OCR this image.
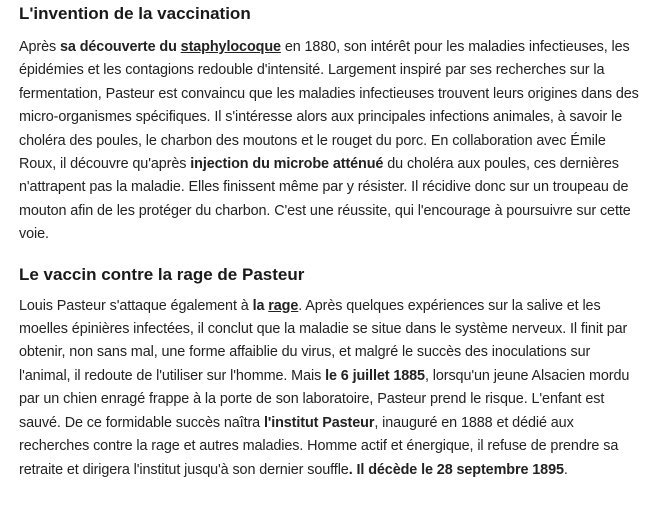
L'invention de la vaccination

Après sa découverte du staphylocoque en 1880, son intérêt pour les maladies infectieuses, les épidémies et les contagions redouble d'intensité. Largement inspiré par ses recherches sur la fermentation, Pasteur est convaincu que les maladies infectieuses trouvent leurs origines dans des micro-organismes spécifiques. Il s'intéresse alors aux principales infections animales, à savoir le choléra des poules, le charbon des moutons et le rouget du porc. En collaboration avec Émile Roux, il découvre qu'après injection du microbe atténué du choléra aux poules, ces dernières n'attrapent pas la maladie. Elles finissent même par y résister. Il récidive donc sur un troupeau de mouton afin de les protéger du charbon. C'est une réussite, qui l'encourage à poursuivre sur cette voie.

Le vaccin contre la rage de Pasteur

Louis Pasteur s'attaque également à la rage. Après quelques expériences sur la salive et les moelles épinières infectées, il conclut que la maladie se situe dans le système nerveux. Il finit par obtenir, non sans mal, une forme affaiblie du virus, et malgré le succès des inoculations sur l'animal, il redoute de l'utiliser sur l'homme. Mais le 6 juillet 1885, lorsqu'un jeune Alsacien mordu par un chien enragé frappe à la porte de son laboratoire, Pasteur prend le risque. L'enfant est sauvé. De ce formidable succès naîtra l'institut Pasteur, inauguré en 1888 et dédié aux recherches contre la rage et autres maladies. Homme actif et énergique, il refuse de prendre sa retraite et dirigera l'institut jusqu'à son dernier souffle. Il décède le 28 septembre 1895.
